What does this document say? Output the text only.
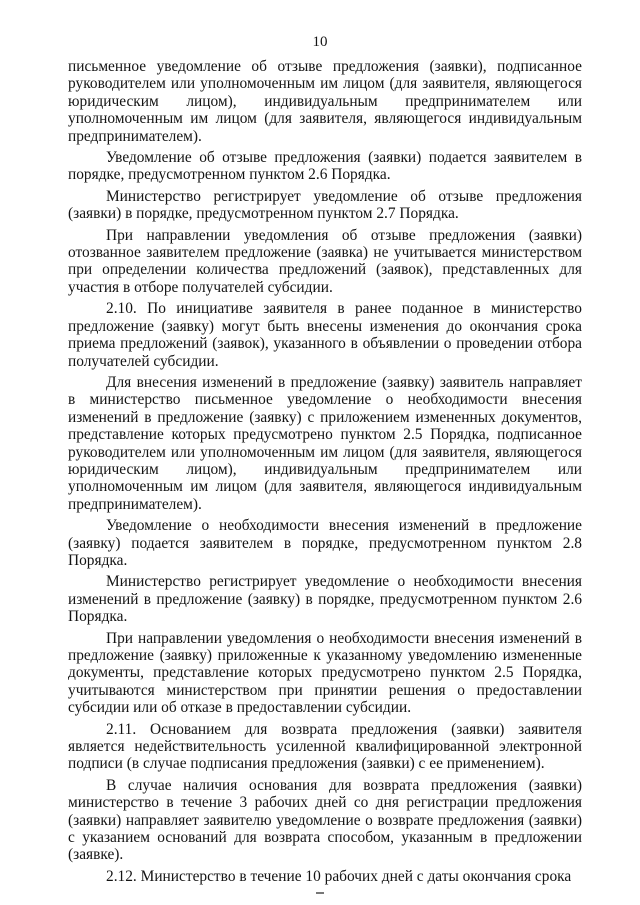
10

письменное уведомление об отзыве предложения (заявки), подписанное руководителем или уполномоченным им лицом (для заявителя, являющегося юридическим лицом), индивидуальным предпринимателем или уполномоченным им лицом (для заявителя, являющегося индивидуальным предпринимателем).

Уведомление об отзыве предложения (заявки) подается заявителем в порядке, предусмотренном пунктом 2.6 Порядка.

Министерство регистрирует уведомление об отзыве предложения (заявки) в порядке, предусмотренном пунктом 2.7 Порядка.

При направлении уведомления об отзыве предложения (заявки) отозванное заявителем предложение (заявка) не учитывается министерством при определении количества предложений (заявок), представленных для участия в отборе получателей субсидии.

2.10. По инициативе заявителя в ранее поданное в министерство предложение (заявку) могут быть внесены изменения до окончания срока приема предложений (заявок), указанного в объявлении о проведении отбора получателей субсидии.

Для внесения изменений в предложение (заявку) заявитель направляет в министерство письменное уведомление о необходимости внесения изменений в предложение (заявку) с приложением измененных документов, представление которых предусмотрено пунктом 2.5 Порядка, подписанное руководителем или уполномоченным им лицом (для заявителя, являющегося юридическим лицом), индивидуальным предпринимателем или уполномоченным им лицом (для заявителя, являющегося индивидуальным предпринимателем).

Уведомление о необходимости внесения изменений в предложение (заявку) подается заявителем в порядке, предусмотренном пунктом 2.8 Порядка.

Министерство регистрирует уведомление о необходимости внесения изменений в предложение (заявку) в порядке, предусмотренном пунктом 2.6 Порядка.

При направлении уведомления о необходимости внесения изменений в предложение (заявку) приложенные к указанному уведомлению измененные документы, представление которых предусмотрено пунктом 2.5 Порядка, учитываются министерством при принятии решения о предоставлении субсидии или об отказе в предоставлении субсидии.

2.11. Основанием для возврата предложения (заявки) заявителя является недействительность усиленной квалифицированной электронной подписи (в случае подписания предложения (заявки) с ее применением).

В случае наличия основания для возврата предложения (заявки) министерство в течение 3 рабочих дней со дня регистрации предложения (заявки) направляет заявителю уведомление о возврате предложения (заявки) с указанием оснований для возврата способом, указанным в предложении (заявке).

2.12. Министерство в течение 10 рабочих дней с даты окончания срока
